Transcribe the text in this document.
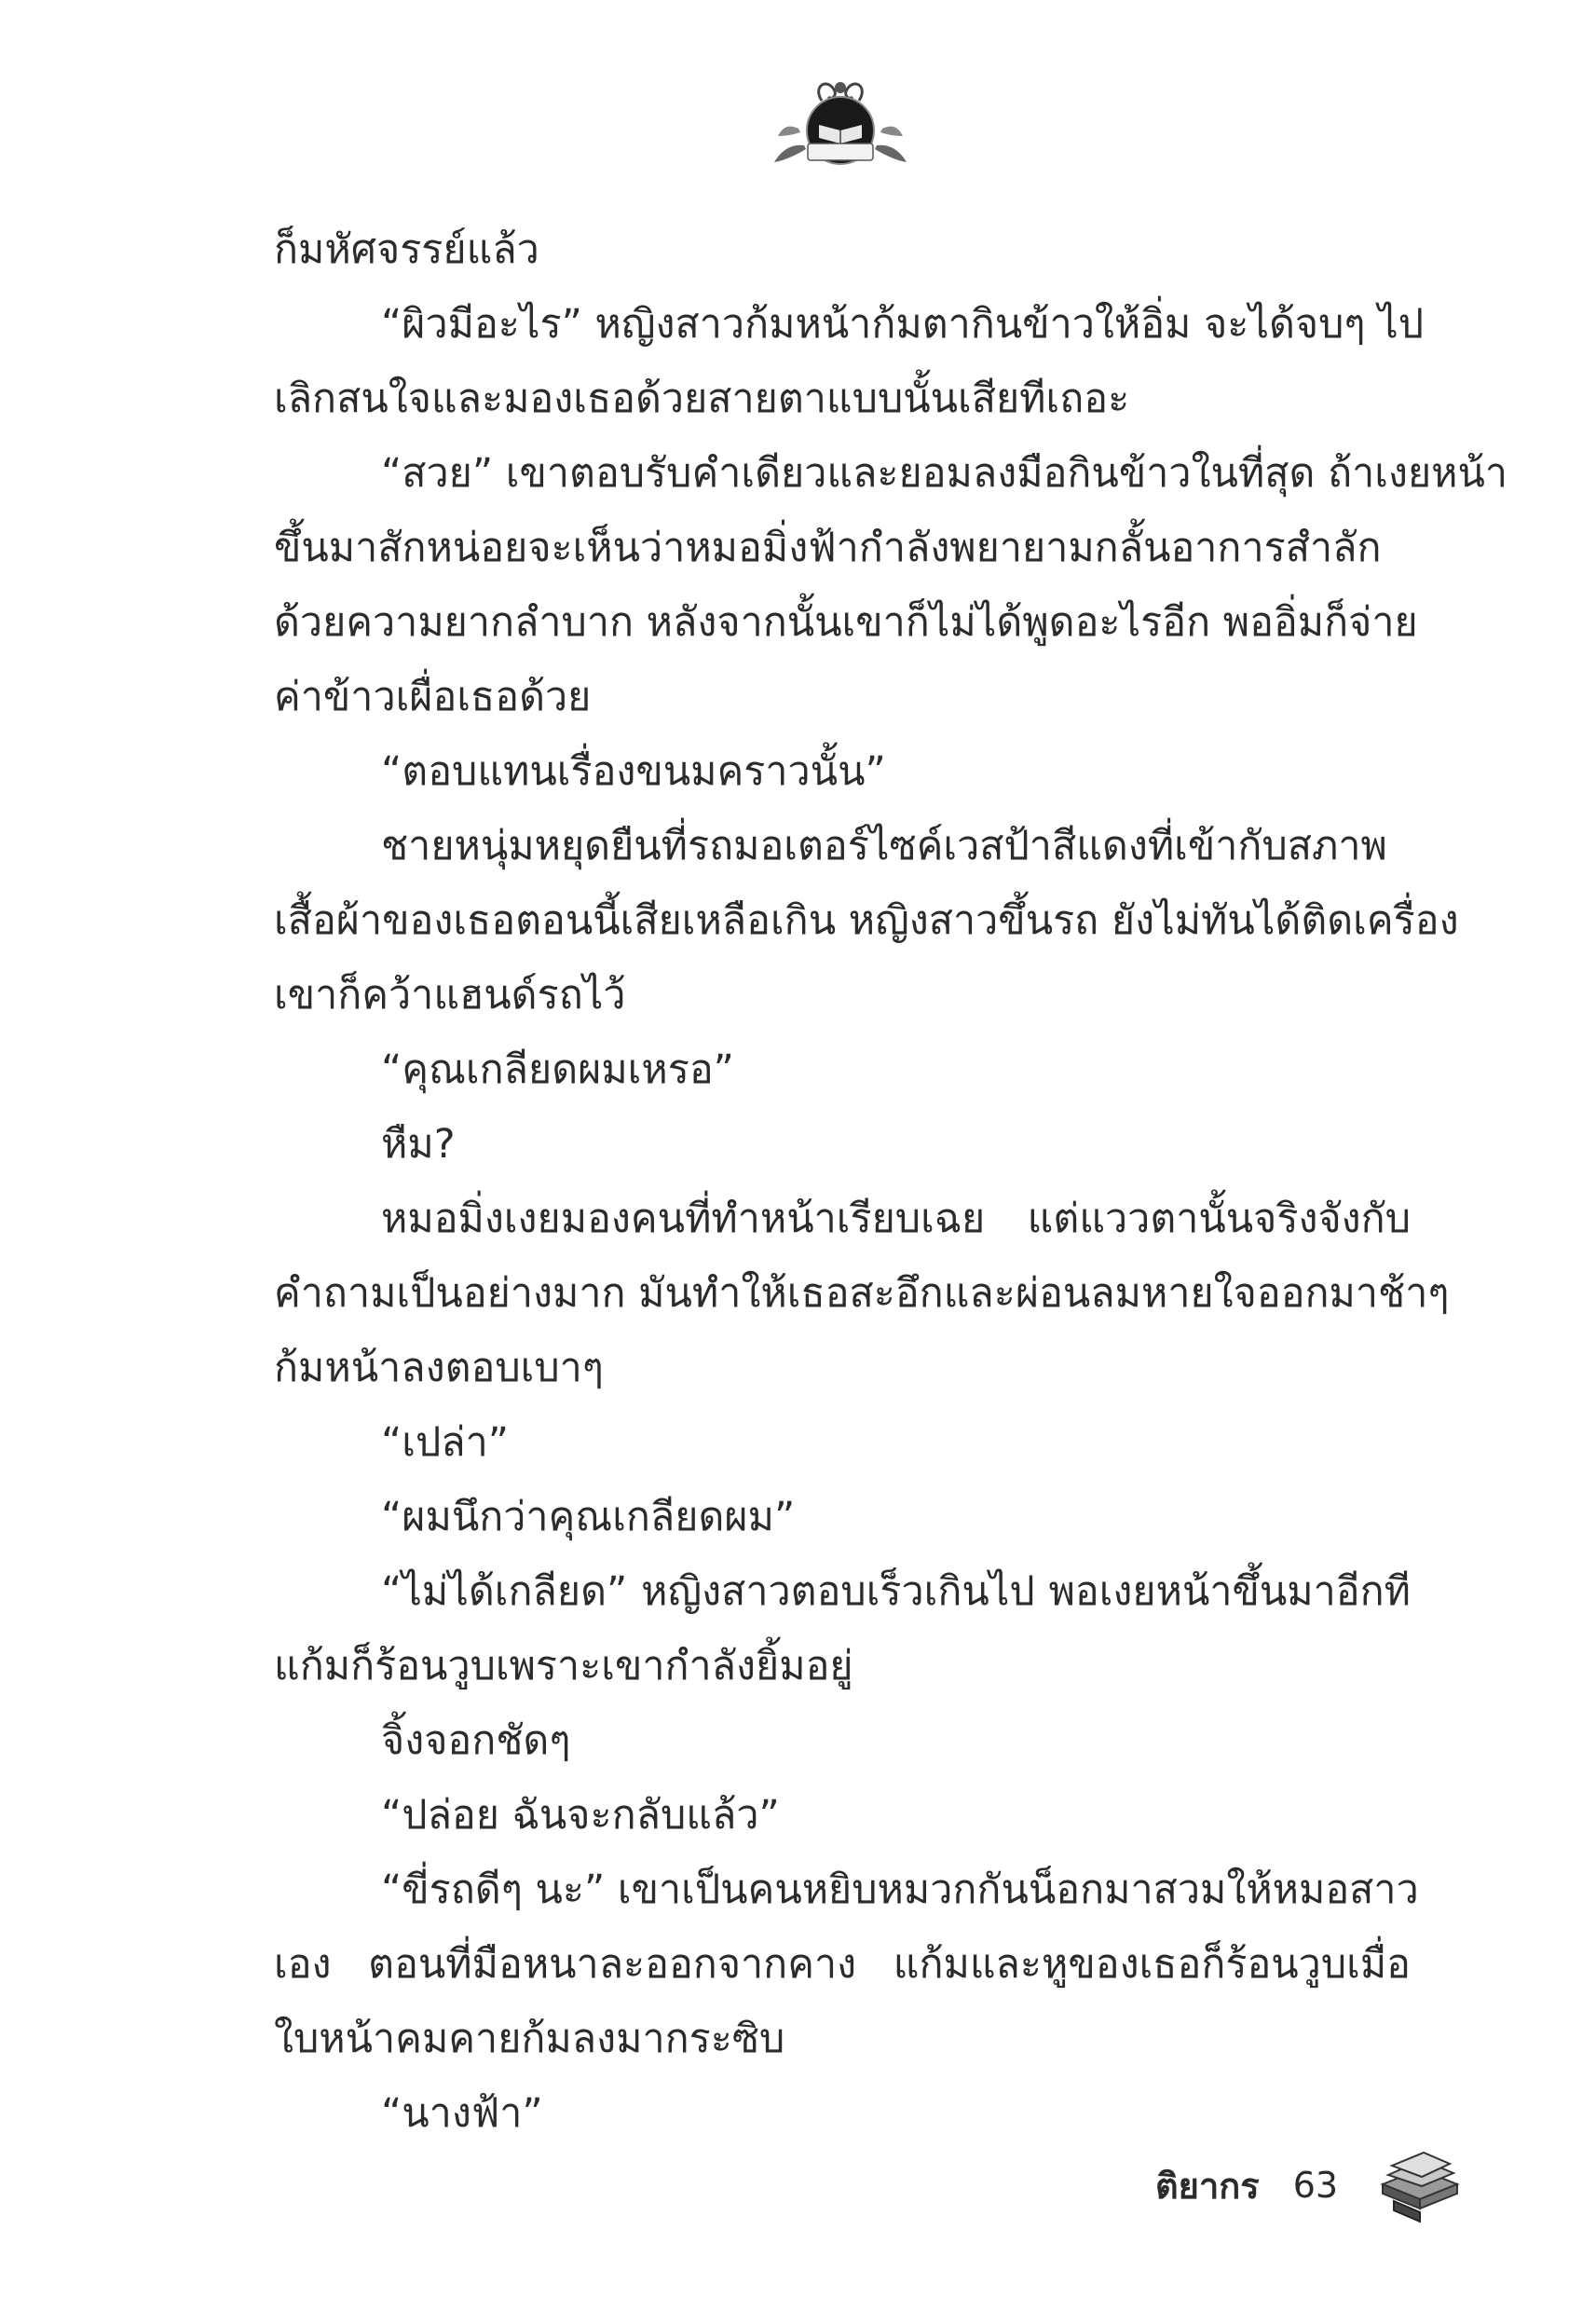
ก็มหัศจรรย์แล้ว
“ผิวมีอะไร” หญิงสาวก้มหน้าก้มตากินข้าวให้อิ่ม จะได้จบๆ ไป
เลิกสนใจและมองเธอด้วยสายตาแบบนั้นเสียทีเถอะ
“สวย” เขาตอบรับคำเดียวและยอมลงมือกินข้าวในที่สุด ถ้าเงยหน้า
ขึ้นมาสักหน่อยจะเห็นว่าหมอมิ่งฟ้ากำลังพยายามกลั้นอาการสำลัก
ด้วยความยากลำบาก หลังจากนั้นเขาก็ไม่ได้พูดอะไรอีก พออิ่มก็จ่าย
ค่าข้าวเผื่อเธอด้วย
“ตอบแทนเรื่องขนมคราวนั้น”
ชายหนุ่มหยุดยืนที่รถมอเตอร์ไซค์เวสป้าสีแดงที่เข้ากับสภาพ
เสื้อผ้าของเธอตอนนี้เสียเหลือเกิน หญิงสาวขึ้นรถ ยังไม่ทันได้ติดเครื่อง
เขาก็คว้าแฮนด์รถไว้
“คุณเกลียดผมเหรอ”
หืม?
หมอมิ่งเงยมองคนที่ทำหน้าเรียบเฉย แต่แววตานั้นจริงจังกับ
คำถามเป็นอย่างมาก มันทำให้เธอสะอึกและผ่อนลมหายใจออกมาช้าๆ
ก้มหน้าลงตอบเบาๆ
“เปล่า”
“ผมนึกว่าคุณเกลียดผม”
“ไม่ได้เกลียด” หญิงสาวตอบเร็วเกินไป พอเงยหน้าขึ้นมาอีกที
แก้มก็ร้อนวูบเพราะเขากำลังยิ้มอยู่
จิ้งจอกชัดๆ
“ปล่อย ฉันจะกลับแล้ว”
“ขี่รถดีๆ นะ” เขาเป็นคนหยิบหมวกกันน็อกมาสวมให้หมอสาว
เอง ตอนที่มือหนาละออกจากคาง แก้มและหูของเธอก็ร้อนวูบเมื่อ
ใบหน้าคมคายก้มลงมากระซิบ
“นางฟ้า”
ติยากร 63
